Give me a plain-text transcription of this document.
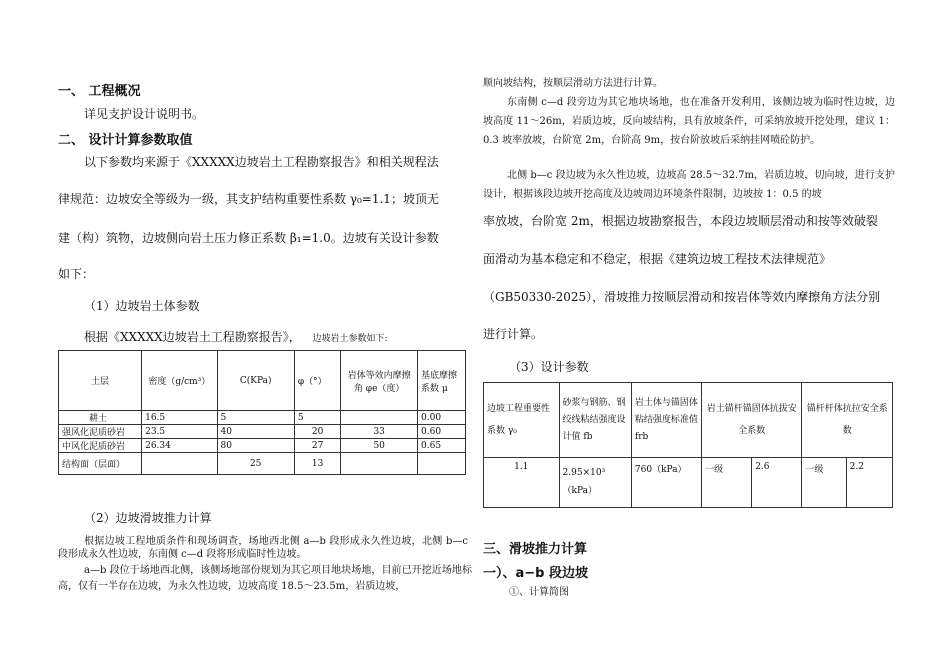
一、 工程概况
详见支护设计说明书。
二、 设计计算参数取值
以下参数均来源于《XXXXX边坡岩土工程勘察报告》和相关规程法
律规范：边坡安全等级为一级，其支护结构重要性系数 γ₀=1.1；坡顶无
建（构）筑物，边坡侧向岩土压力修正系数 β₁=1.0。边坡有关设计参数
如下：
（1）边坡岩土体参数
根据《XXXXX边坡岩土工程勘察报告》， 边坡岩土参数如下:
土层	密度（g/cm³）	C(KPa)	φ（°）	岩体等效内摩擦角 φe（度）	基底摩擦系数 μ
耕土	16.5	5	5		0.00
强风化泥质砂岩	23.5	40	20	33	0.60
中风化泥质砂岩	26.34	80	27	50	0.65
结构面（层面）		25	13		
（2）边坡滑坡推力计算
根据边坡工程地质条件和现场调查，场地西北侧 a—b 段形成永久性边坡，北侧 b—c 段形成永久性边坡，东南侧 c—d 段将形成临时性边坡。
a—b 段位于场地西北侧，该侧场地部份规划为其它项目地块场地，目前已开挖近场地标高，仅有一半存在边坡，为永久性边坡，边坡高度 18.5～23.5m，岩质边坡，
顺向坡结构，按顺层滑动方法进行计算。
东南侧 c—d 段旁边为其它地块场地，也在准备开发利用，该侧边坡为临时性边坡，边坡高度 11～26m，岩质边坡，反向坡结构，具有放坡条件，可采纳放坡开挖处理，建议 1：0.3 坡率放坡，台阶宽 2m，台阶高 9m，按台阶放坡后采纳挂网喷砼防护。
北侧 b—c 段边坡为永久性边坡，边坡高 28.5～32.7m，岩质边坡，切向坡，进行支护设计，根据该段边坡开挖高度及边坡周边环境条件限制，边坡按 1：0.5 的坡
率放坡，台阶宽 2m，根据边坡勘察报告，本段边坡顺层滑动和按等效破裂
面滑动为基本稳定和不稳定，根据《建筑边坡工程技术法律规范》
（GB50330-2025），滑坡推力按顺层滑动和按岩体等效内摩擦角方法分别
进行计算。
（3）设计参数
边坡工程重要性系数 γ₀	砂浆与钢筋、钢绞线粘结强度设计值 fb	岩土体与锚固体粘结强度标准值 frb	岩土锚杆锚固体抗拔安全系数		锚杆杆体抗拉安全系数	
1.1	2.95×10³（kPa）	760（kPa）	一级	2.6	一级	2.2
三、滑坡推力计算
一）、a−b 段边坡
①、计算简图
